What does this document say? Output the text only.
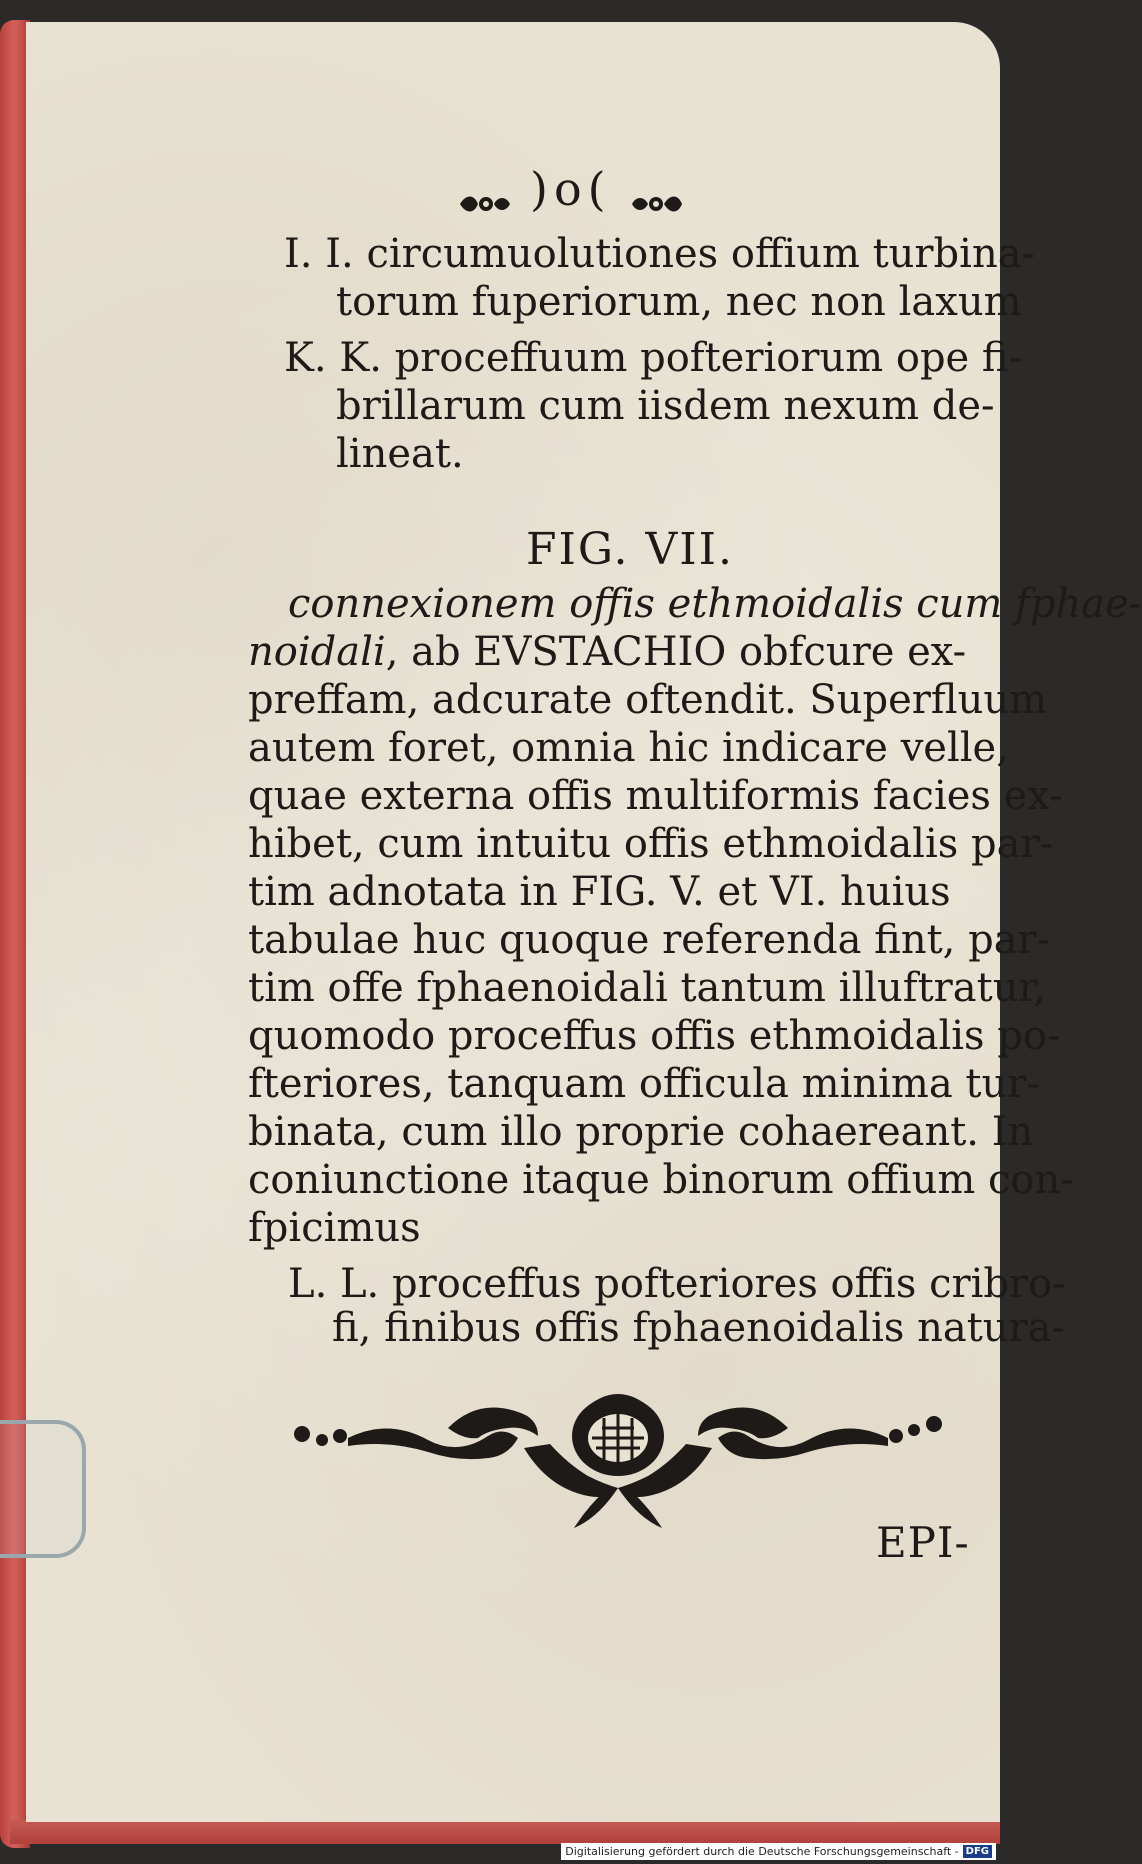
)o(
I. I. circumuolutiones offium turbina-
torum fuperiorum, nec non laxum
K. K. proceffuum pofteriorum ope fi-
brillarum cum iisdem nexum de-
lineat.
FIG. VII.
connexionem offis ethmoidalis cum fphae-
noidali, ab EVSTACHIO obfcure ex-
preffam, adcurate oftendit. Superfluum
autem foret, omnia hic indicare velle,
quae externa offis multiformis facies ex-
hibet, cum intuitu offis ethmoidalis par-
tim adnotata in FIG. V. et VI. huius
tabulae huc quoque referenda fint, par-
tim offe fphaenoidali tantum illuftratur,
quomodo proceffus offis ethmoidalis po-
fteriores, tanquam officula minima tur-
binata, cum illo proprie cohaereant. In
coniunctione itaque binorum offium con-
fpicimus
L. L. proceffus pofteriores offis cribro-
fi, finibus offis fphaenoidalis natura-
EPI-
Digitalisierung gefördert durch die Deutsche Forschungsgemeinschaft - DFG
